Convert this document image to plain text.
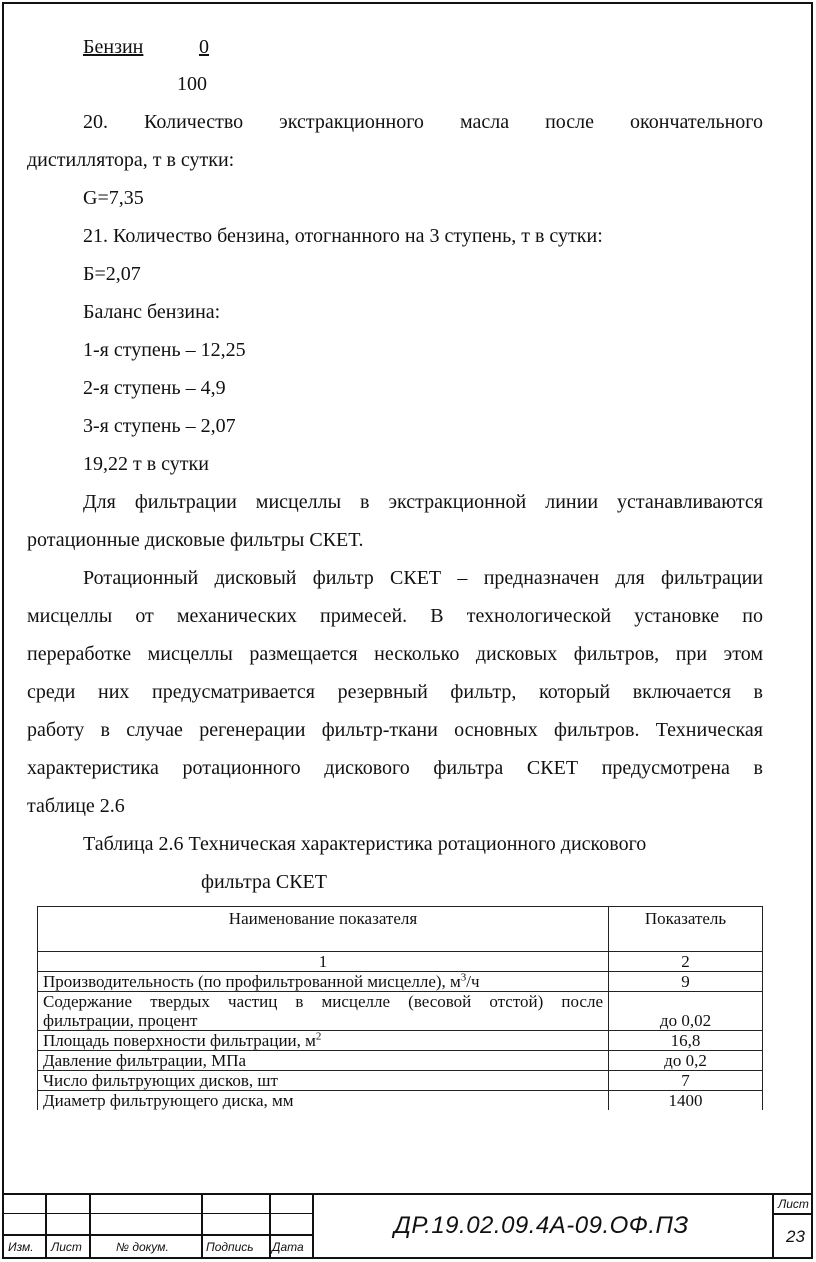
Бензин	0
100
20. Количество экстракционного масла после окончательного
дистиллятора, т в сутки:
G=7,35
21. Количество бензина, отогнанного на 3 ступень, т в сутки:
Б=2,07
Баланс бензина:
1-я ступень – 12,25
2-я ступень – 4,9
3-я ступень – 2,07
19,22 т в сутки
Для фильтрации мисцеллы в экстракционной линии устанавливаются
ротационные дисковые фильтры СКЕТ.
Ротационный дисковый фильтр СКЕТ – предназначен для фильтрации
мисцеллы от механических примесей. В технологической установке по
переработке мисцеллы размещается несколько дисковых фильтров, при этом
среди них предусматривается резервный фильтр, который включается в
работу в случае регенерации фильтр-ткани основных фильтров. Техническая
характеристика ротационного дискового фильтра СКЕТ предусмотрена в
таблице 2.6
Таблица 2.6 Техническая характеристика ротационного дискового
фильтра СКЕТ
Наименование показателя	Показатель
1	2
Производительность (по профильтрованной мисцелле), $м^3/ч$	9

Содержание твердых частиц в мисцелле (весовой отстой) после
фильтрации, процент	до 0,02
Площадь поверхности фильтрации, $м^2$	16,8
Давление фильтрации, МПа	до 0,2
Число фильтрующих дисков, шт	7
Диаметр фильтрующего диска, мм	1400
Изм. Лист	№ докум.	Подпись Дата
ДР.19.02.09.4А-09.ОФ.ПЗ
Лист
23
